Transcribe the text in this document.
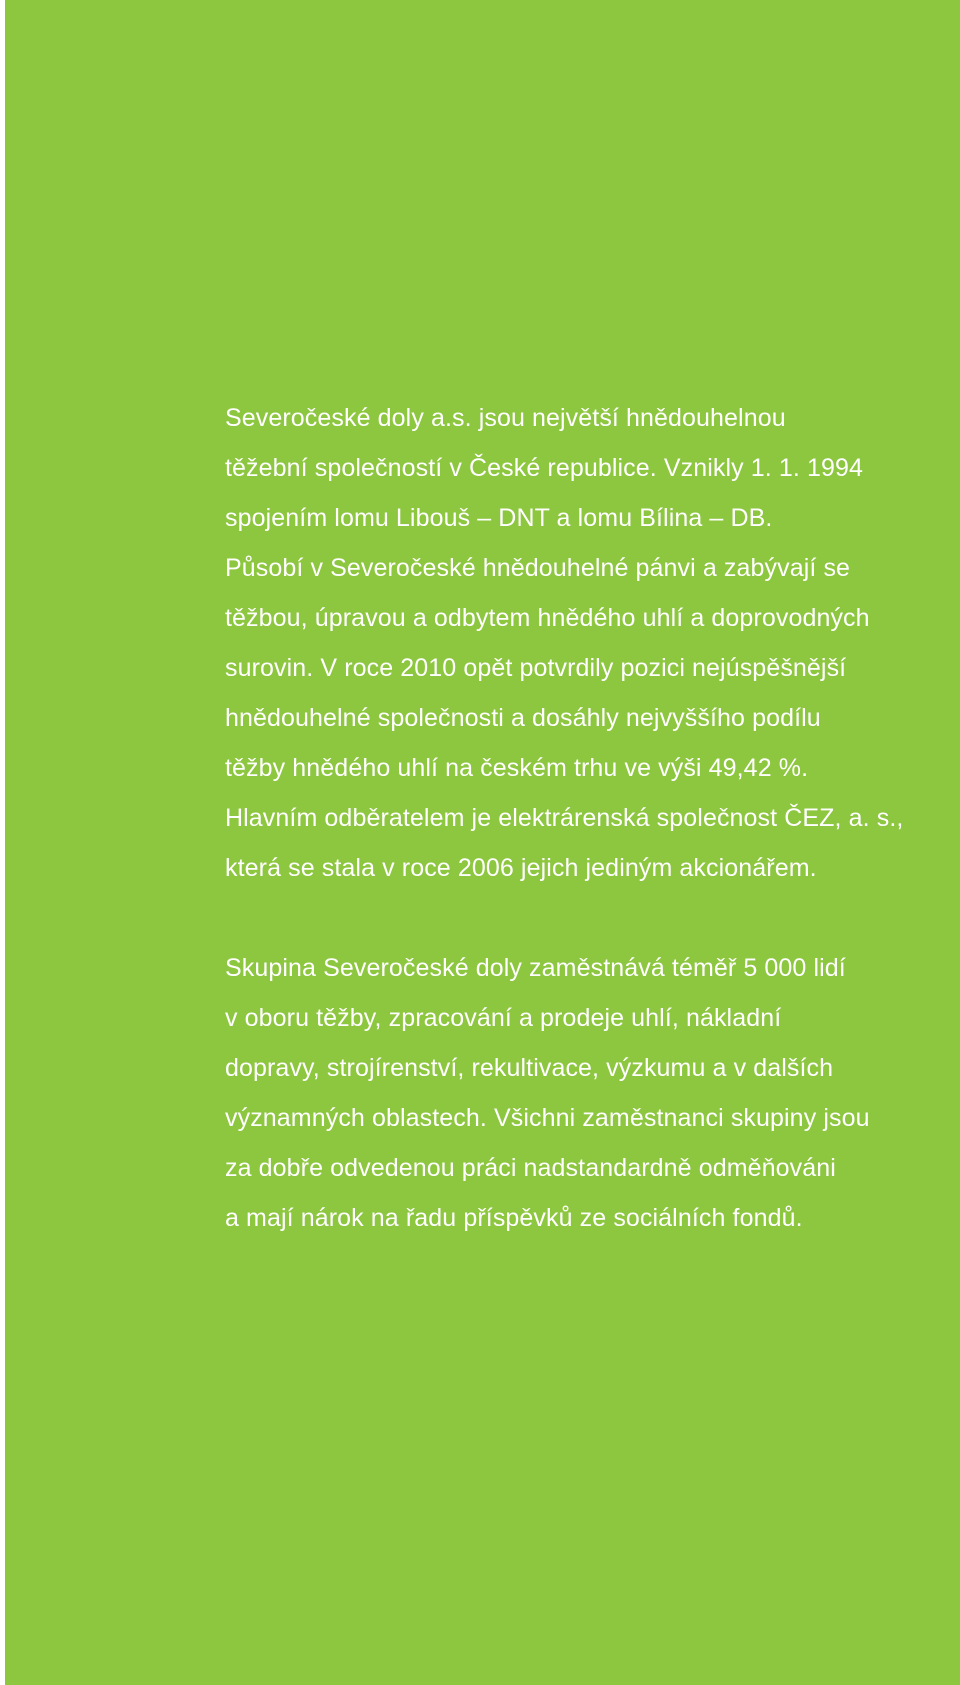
Severočeské doly a.s. jsou největší hnědouhelnou
těžební společností v České republice. Vznikly 1. 1. 1994
spojením lomu Libouš – DNT a lomu Bílina – DB.
Působí v Severočeské hnědouhelné pánvi a zabývají se
těžbou, úpravou a odbytem hnědého uhlí a doprovodných
surovin. V roce 2010 opět potvrdily pozici nejúspěšnější
hnědouhelné společnosti a dosáhly nejvyššího podílu
těžby hnědého uhlí na českém trhu ve výši 49,42 %.
Hlavním odběratelem je elektrárenská společnost ČEZ, a. s.,
která se stala v roce 2006 jejich jediným akcionářem.

Skupina Severočeské doly zaměstnává téměř 5 000 lidí
v oboru těžby, zpracování a prodeje uhlí, nákladní
dopravy, strojírenství, rekultivace, výzkumu a v dalších
významných oblastech. Všichni zaměstnanci skupiny jsou
za dobře odvedenou práci nadstandardně odměňováni
a mají nárok na řadu příspěvků ze sociálních fondů.
